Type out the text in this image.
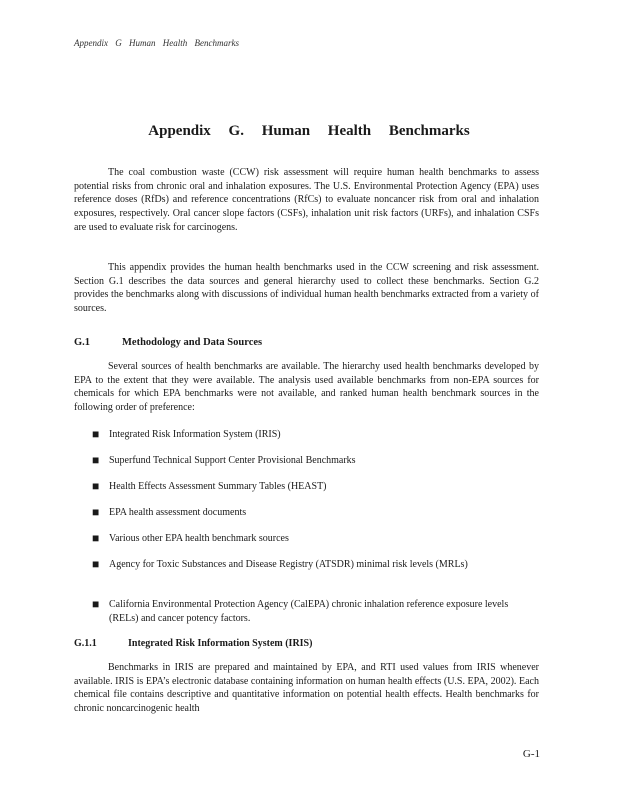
Appendix G Human Health Benchmarks
Appendix G. Human Health Benchmarks

The coal combustion waste (CCW) risk assessment will require human health benchmarks to assess potential risks from chronic oral and inhalation exposures. The U.S. Environmental Protection Agency (EPA) uses reference doses (RfDs) and reference concentrations (RfCs) to evaluate noncancer risk from oral and inhalation exposures, respectively. Oral cancer slope factors (CSFs), inhalation unit risk factors (URFs), and inhalation CSFs are used to evaluate risk for carcinogens.

This appendix provides the human health benchmarks used in the CCW screening and risk assessment. Section G.1 describes the data sources and general hierarchy used to collect these benchmarks. Section G.2 provides the benchmarks along with discussions of individual human health benchmarks extracted from a variety of sources.

G.1	Methodology and Data Sources

Several sources of health benchmarks are available. The hierarchy used health benchmarks developed by EPA to the extent that they were available. The analysis used available benchmarks from non-EPA sources for chemicals for which EPA benchmarks were not available, and ranked human health benchmark sources in the following order of preference:

■ Integrated Risk Information System (IRIS)
■ Superfund Technical Support Center Provisional Benchmarks
■ Health Effects Assessment Summary Tables (HEAST)
■ EPA health assessment documents
■ Various other EPA health benchmark sources
■ Agency for Toxic Substances and Disease Registry (ATSDR) minimal risk levels (MRLs)
■ California Environmental Protection Agency (CalEPA) chronic inhalation reference exposure levels (RELs) and cancer potency factors.
G.1.1	Integrated Risk Information System (IRIS)

Benchmarks in IRIS are prepared and maintained by EPA, and RTI used values from IRIS whenever available. IRIS is EPA’s electronic database containing information on human health effects (U.S. EPA, 2002). Each chemical file contains descriptive and quantitative information on potential health effects. Health benchmarks for chronic noncarcinogenic health

G-1
